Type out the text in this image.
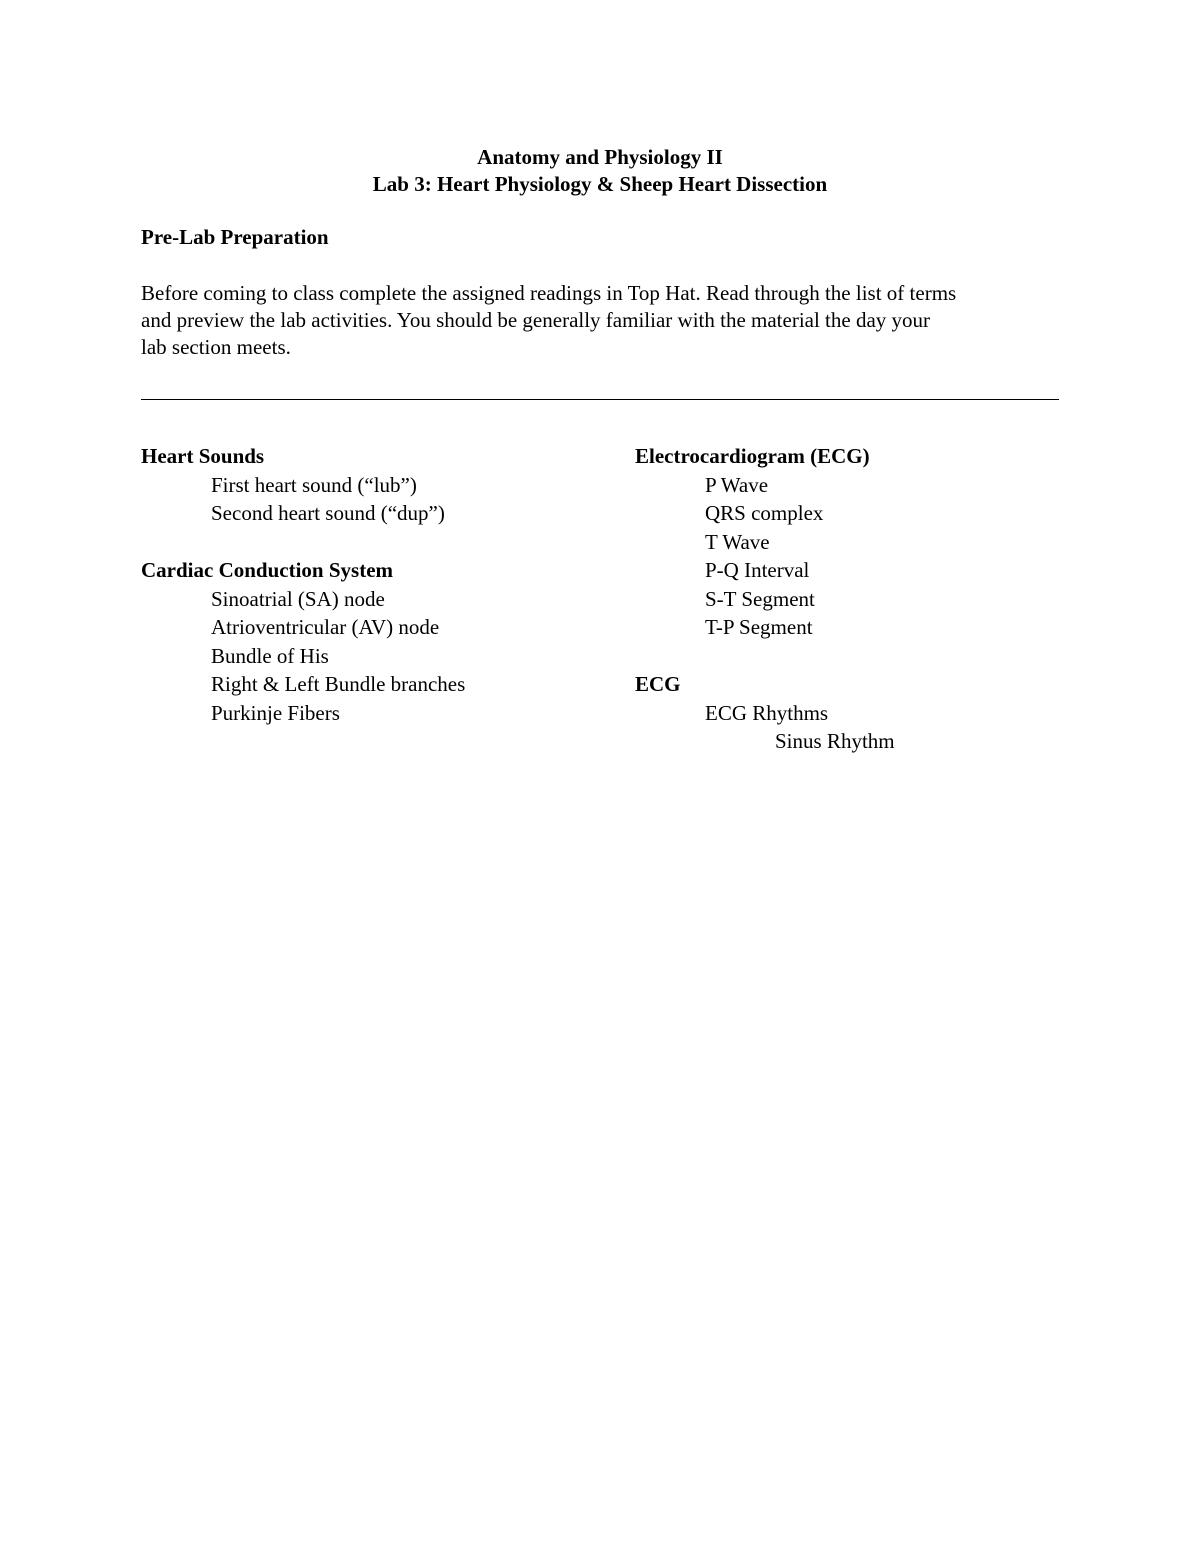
Anatomy and Physiology II
Lab 3: Heart Physiology & Sheep Heart Dissection
Pre-Lab Preparation
Before coming to class complete the assigned readings in Top Hat. Read through the list of terms
and preview the lab activities. You should be generally familiar with the material the day your
lab section meets.
Heart Sounds
First heart sound (“lub”)
Second heart sound (“dup”)
Cardiac Conduction System
Sinoatrial (SA) node
Atrioventricular (AV) node
Bundle of His
Right & Left Bundle branches
Purkinje Fibers
Electrocardiogram (ECG)
P Wave
QRS complex
T Wave
P-Q Interval
S-T Segment
T-P Segment
ECG
ECG Rhythms
Sinus Rhythm
